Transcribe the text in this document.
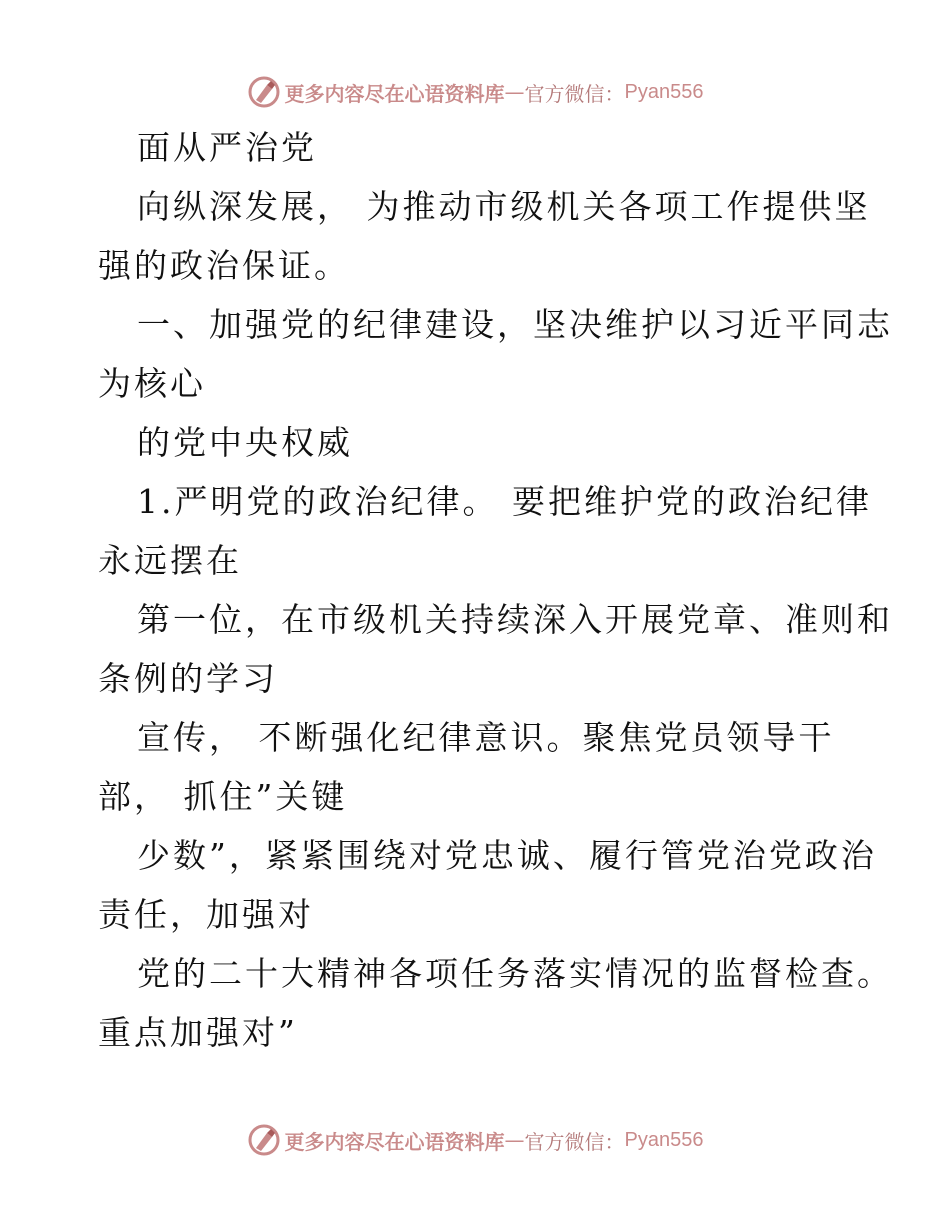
更多内容尽在心语资料库 — 官方微信： Pyan556
面从严治党
向纵深发展， 为推动市级机关各项工作提供坚
强的政治保证。
一、加强党的纪律建设，坚决维护以习近平同志
为核心
的党中央权威
1.严明党的政治纪律。 要把维护党的政治纪律
永远摆在
第一位，在市级机关持续深入开展党章、准则和
条例的学习
宣传， 不断强化纪律意识。聚焦党员领导干
部， 抓住”关键
少数”，紧紧围绕对党忠诚、履行管党治党政治
责任，加强对
党的二十大精神各项任务落实情况的监督检查。
重点加强对”
更多内容尽在心语资料库 — 官方微信： Pyan556
